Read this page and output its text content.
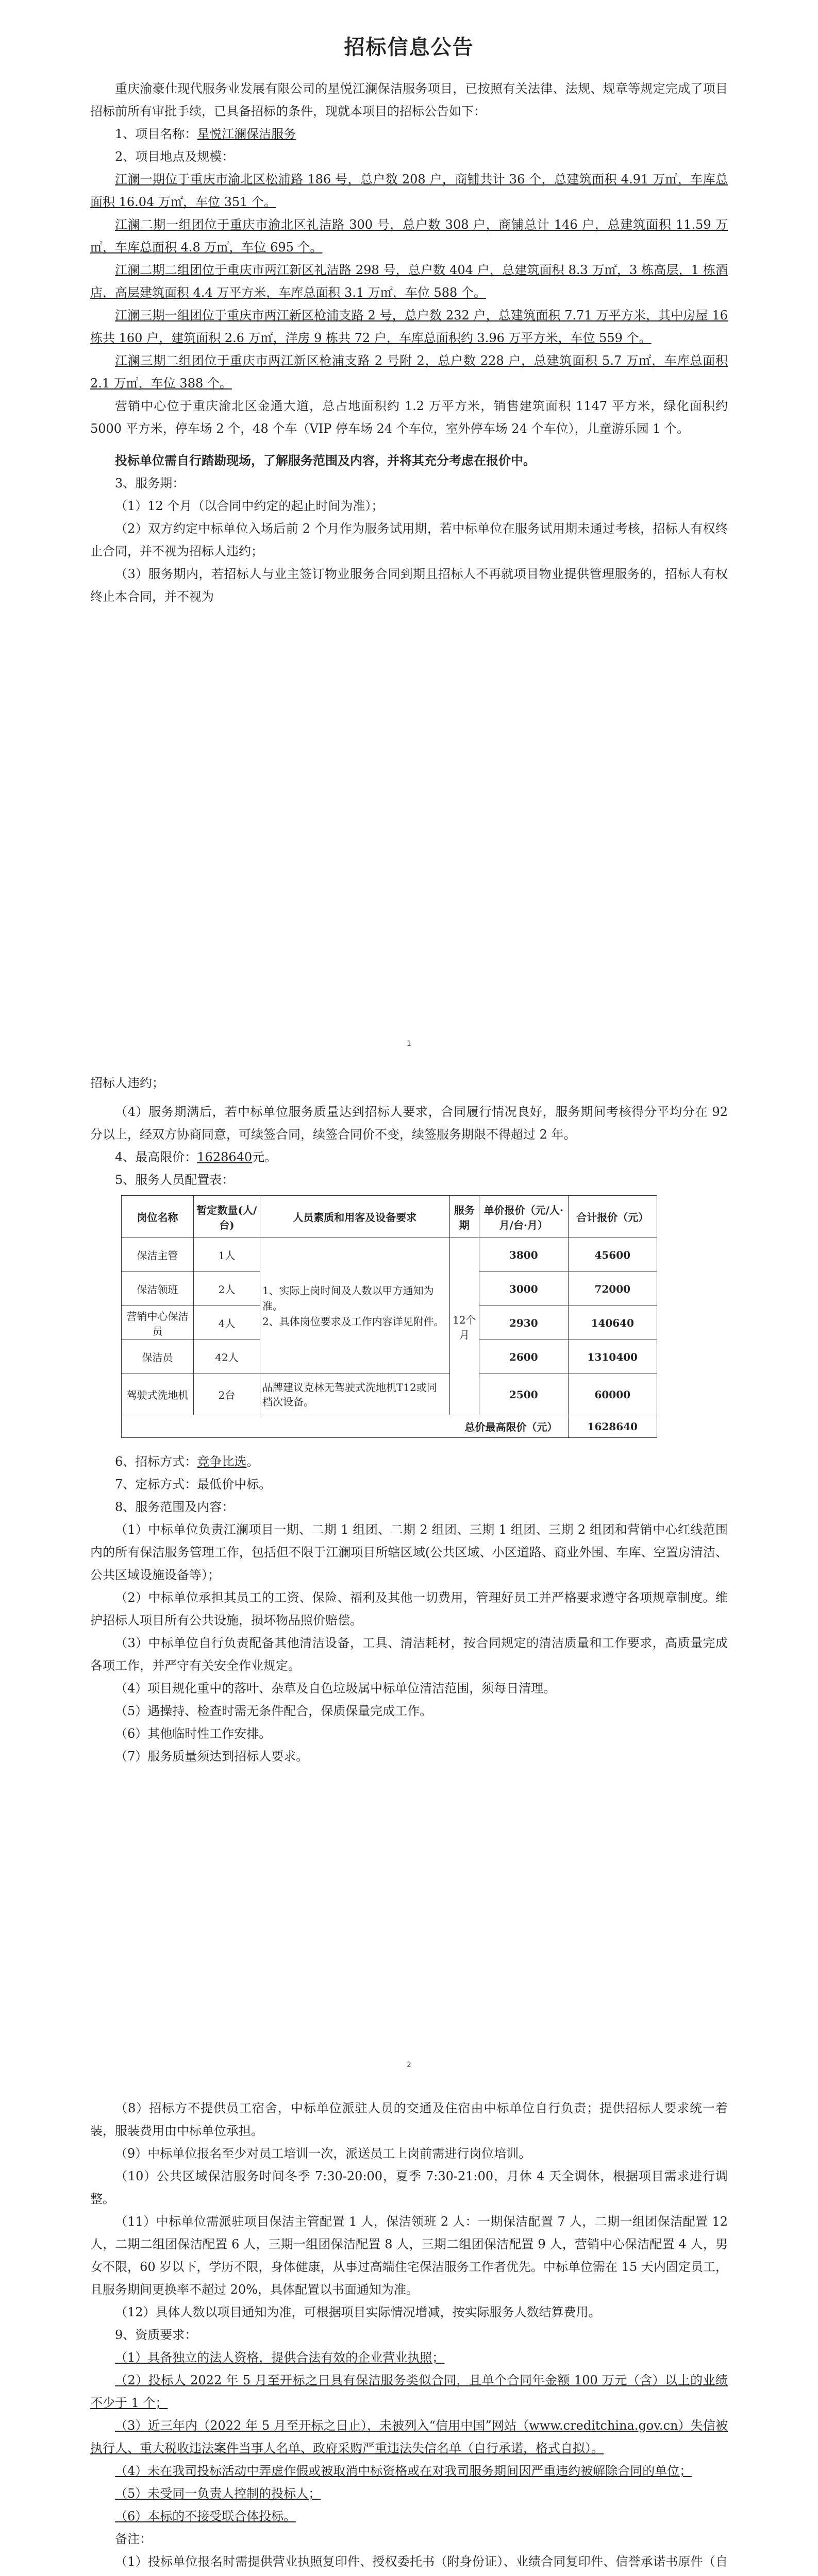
招标信息公告

重庆渝豪仕现代服务业发展有限公司的星悦江澜保洁服务项目，已按照有关法律、法规、规章等规定完成了项目招标前所有审批手续，已具备招标的条件，现就本项目的招标公告如下：

1、项目名称：星悦江澜保洁服务

2、项目地点及规模：

江澜一期位于重庆市渝北区松浦路 186 号，总户数 208 户，商铺共计 36 个，总建筑面积 4.91 万㎡，车库总面积 16.04 万㎡，车位 351 个。

江澜二期一组团位于重庆市渝北区礼洁路 300 号，总户数 308 户，商铺总计 146 户，总建筑面积 11.59 万㎡，车库总面积 4.8 万㎡，车位 695 个。

江澜二期二组团位于重庆市两江新区礼洁路 298 号，总户数 404 户，总建筑面积 8.3 万㎡，3 栋高层，1 栋酒店，高层建筑面积 4.4 万平方米，车库总面积 3.1 万㎡，车位 588 个。

江澜三期一组团位于重庆市两江新区枪浦支路 2 号，总户数 232 户，总建筑面积 7.71 万平方米，其中房屋 16 栋共 160 户，建筑面积 2.6 万㎡，洋房 9 栋共 72 户，车库总面积约 3.96 万平方米，车位 559 个。

江澜三期二组团位于重庆市两江新区枪浦支路 2 号附 2，总户数 228 户，总建筑面积 5.7 万㎡，车库总面积 2.1 万㎡，车位 388 个。

营销中心位于重庆渝北区金通大道，总占地面积约 1.2 万平方米，销售建筑面积 1147 平方米，绿化面积约 5000 平方米，停车场 2 个，48 个车（VIP 停车场 24 个车位，室外停车场 24 个车位），儿童游乐园 1 个。

投标单位需自行踏勘现场，了解服务范围及内容，并将其充分考虑在报价中。

3、服务期：

（1）12 个月（以合同中约定的起止时间为准）；

（2）双方约定中标单位入场后前 2 个月作为服务试用期，若中标单位在服务试用期未通过考核，招标人有权终止合同，并不视为招标人违约；

（3）服务期内，若招标人与业主签订物业服务合同到期且招标人不再就项目物业提供管理服务的，招标人有权终止本合同，并不视为

1

招标人违约；

（4）服务期满后，若中标单位服务质量达到招标人要求，合同履行情况良好，服务期间考核得分平均分在 92 分以上，经双方协商同意，可续签合同，续签合同价不变，续签服务期限不得超过 2 年。

4、最高限价：1628640元。

5、服务人员配置表：

岗位名称	暂定数量(人/台)	人员素质和用客及设备要求	服务期	单价报价（元/人·月/台·月）	合计报价（元）
保洁主管	1人	1、实际上岗时间及人数以甲方通知为准。
2、具体岗位要求及工作内容详见附件。	12个月	3800	45600
保洁领班	2人			3000	72000
营销中心保洁员	4人			2930	140640
保洁员	42人			2600	1310400
驾驶式洗地机	2台	品牌建议克林无驾驶式洗地机T12或同档次设备。		2500	60000
总价最高限价（元）					1628640

6、招标方式：竞争比选。

7、定标方式：最低价中标。

8、服务范围及内容：

（1）中标单位负责江澜项目一期、二期 1 组团、二期 2 组团、三期 1 组团、三期 2 组团和营销中心红线范围内的所有保洁服务管理工作，包括但不限于江澜项目所辖区域(公共区域、小区道路、商业外围、车库、空置房清洁、公共区域设施设备等）；

（2）中标单位承担其员工的工资、保险、福利及其他一切费用，管理好员工并严格要求遵守各项规章制度。维护招标人项目所有公共设施，损坏物品照价赔偿。

（3）中标单位自行负责配备其他清洁设备，工具、清洁耗材，按合同规定的清洁质量和工作要求，高质量完成各项工作，并严守有关安全作业规定。

（4）项目规化重中的落叶、杂草及自色垃圾属中标单位清洁范围，须每日清理。

（5）遇操持、检查时需无条件配合，保质保量完成工作。

（6）其他临时性工作安排。

（7）服务质量须达到招标人要求。

2

（8）招标方不提供员工宿舍，中标单位派驻人员的交通及住宿由中标单位自行负责；提供招标人要求统一着装，服装费用由中标单位承担。

（9）中标单位报名至少对员工培训一次，派送员工上岗前需进行岗位培训。

（10）公共区域保洁服务时间冬季 7:30-20:00，夏季 7:30-21:00，月休 4 天全调休，根据项目需求进行调整。

（11）中标单位需派驻项目保洁主管配置 1 人，保洁领班 2 人：一期保洁配置 7 人，二期一组团保洁配置 12 人，二期二组团保洁配置 6 人，三期一组团保洁配置 8 人，三期二组团保洁配置 9 人，营销中心保洁配置 4 人，男女不限，60 岁以下，学历不限，身体健康，从事过高端住宅保洁服务工作者优先。中标单位需在 15 天内固定员工，且服务期间更换率不超过 20%，具体配置以书面通知为准。

（12）具体人数以项目通知为准，可根据项目实际情况增减，按实际服务人数结算费用。

9、资质要求：

（1）具备独立的法人资格，提供合法有效的企业营业执照；

（2）投标人 2022 年 5 月至开标之日具有保洁服务类似合同，且单个合同年金额 100 万元（含）以上的业绩不少于 1 个；

（3）近三年内（2022 年 5 月至开标之日止），未被列入“信用中国”网站（www.creditchina.gov.cn）失信被执行人、重大税收违法案件当事人名单、政府采购严重违法失信名单（自行承诺，格式自拟）。

（4）未在我司投标活动中弄虚作假或被取消中标资格或在对我司服务期间因严重违约被解除合同的单位；

（5）未受同一负责人控制的投标人；

（6）本标的不接受联合体投标。

备注：

（1）投标单位报名时需提供营业执照复印件、授权委托书（附身份证）、业绩合同复印件、信誉承诺书原件（自
